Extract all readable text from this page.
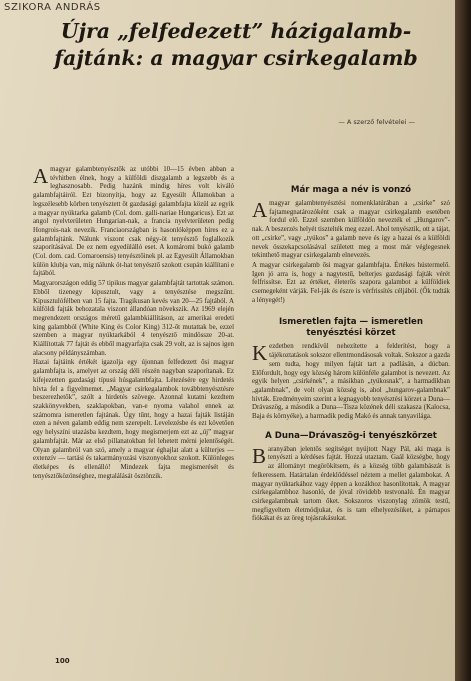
SZIKORA ANDRÁS
Újra „felfedezett” házigalamb-fajtánk: a magyar csirkegalamb
— A szerző felvételei —

Amagyar galambtenyésztők az utóbbi 10—15 évben abban a tévhitben élnek, hogy a külföldi díszgalamb a legszebb és a leghasznosabb. Pedig hazánk mindig híres volt kiváló galambfajtáiról. Ezt bizonyítja, hogy az Egyesült Államokban a legszélesebb körben tenyésztett őt gazdasági galambfajta közül az egyik a magyar nyúktarka galamb (Col. dom. galli-nariae Hungaricus). Ezt az angol nyelvterületen Hungarian-nak, a francia nyelvterületen pedig Hongrois-nak nevezik. Franciaországban is hasonlóképpen híres ez a galambfajtánk. Nálunk viszont csak négy-öt tenyésztő foglalkozik szaporításával. De ez nem egyedülálló eset. A komáromi bukó galamb (Col. dom. cad. Comaroensis) tenyésztőinek pl. az Egyesült Államokban külön klubja van, míg nálunk öt-hat tenyésztő szokott csupán kiállítani e fajtából.

Magyarországon eddig 57 tipikus magyar galambfajtát tartottak számon. Ebből tizenegy kipusztult, vagy a tenyésztése megszűnt. Kipusztulófélben van 15 fajta. Tragikusan kevés van 20—25 fajtából. A külföldi fajták behozatala viszont állandóan növekszik. Az 1969 elején megrendezett országos méretű galambkiállításon, az amerikai eredeti king galambból (White King és Color King) 312-őt mutattak be, ezzel szemben a magyar nyúktarkából 4 tenyésztő mindössze 20-at. Kiállítottak 77 fajtát és ebből magyarfajta csak 29 volt, az is sajnos igen alacsony példányszámban.

Hazai fajtáink értékét igazolja egy újonnan felfedezett ősi magyar galambfajta is, amelyet az ország déli részén nagyban szaporítanak. Ez kifejezetten gazdasági típusú húsgalambfajta. Létezésére egy hirdetés hívta fel a figyelmemet. „Magyar csirkegalambok továbbtenyésztésre beszerezhetők”, szólt a hirdetés szövege. Azonnal kutatni kezdtem szakkönyvekben, szaklapokban, van-e nyoma valahol ennek az számomra ismeretlen fajtának. Úgy tűnt, hogy a hazai fajták listáján ezen a néven galamb eddig nem szerepelt. Levelezésbe és ezt követően egy helyszíni utazásba kezdtem, hogy megismerjem ezt az „új” magyar galambfajtát. Már az első pillanatokban fel lehetett mérni jelentőségét. Olyan galambról van szó, amely a magyar éghajlat alatt a külterjes — extenzív — tartási és takarmányozási viszonyokhoz szokott. Különleges életképes és ellenálló! Mindezek fajta megismerését és tenyésztőközönséghez, megtalálását ösztönzik.

Már maga a név is vonzó

Amagyar galambtenyésztési nomenklatúrában a „csirke” szó fajtamegnatározóként csak a magyar csirkegalamb esetében fordul elő. Ezzel szemben külföldön nevezték el „Hungarov”-nak. A beszerzés helyét tisztelték meg ezzel. Ahol tenyésztik, ott a tájat, ott „csirke”, vagy „tyúkos” a galamb neve és így a hazai és a külföldi nevek összekapcsolásával született meg a most már véglegesnek tekinthető magyar csirkegalamb elnevezés.

A magyar csirkegalamb ősi magyar galambfajta. Értékes hústermelő. Igen jó arra is, hogy a nagytestű, belterjes gazdasági fajták vérét felfrissítse. Ezt az értéket, életerős szapora galambot a külföldiek csemegeként várják. Fel-ják és észre is vérfrissítés céljából. (Ők tudták a lényegét!)

Ismeretlen fajta — ismeretlen tenyésztési körzet

Kezdetben rendkívül nehezítette a felderítést, hogy a tájékoztatások sokszor ellentmondásosak voltak. Sokszor a gazda sem tudta, hogy milyen fajtát tart a padlásán, a dúcban. Előfordult, hogy egy község három különféle galambot is nevezett. Az egyik helyen „csirkének”, a másikban „tyúkosnak”, a harmadikban „galambnak”, de volt olyan község is, ahol „hungarov-galambnak” hívták. Eredményeim szerint a legnagyobb tenyésztési körzet a Duna—Drávaszög, a második a Duna—Tisza közének déli szakasza (Kalocsa, Baja és környéke), a harmadik pedig Makó és annak tanyavilága.

A Duna—Drávaszög-i tenyészkörzet

Baranyában jelentős segítséget nyújtott Nagy Pál, aki maga is tenyészti a kérdéses fajtát. Hozzá utaztam. Gaál községbe, hogy az állományt megörökítsem, és a község több galambászát is felkeressem. Határtalan érdeklődéssel néztem a mellet galambokat. A magyar nyúktarkához vagy éppen a kozákhoz hasonlítottak. A magyar csirkegalambhoz hasonló, de jóval rövidebb testvonalú. Én magyar csirkegalambnak tartom őket. Sokszoros viszonylag zömök testű, megfigyeltem életmódjukat, és is tam elhelyezésüket, a párnapos fiókákat és az öreg tojásrakásukat.

100
